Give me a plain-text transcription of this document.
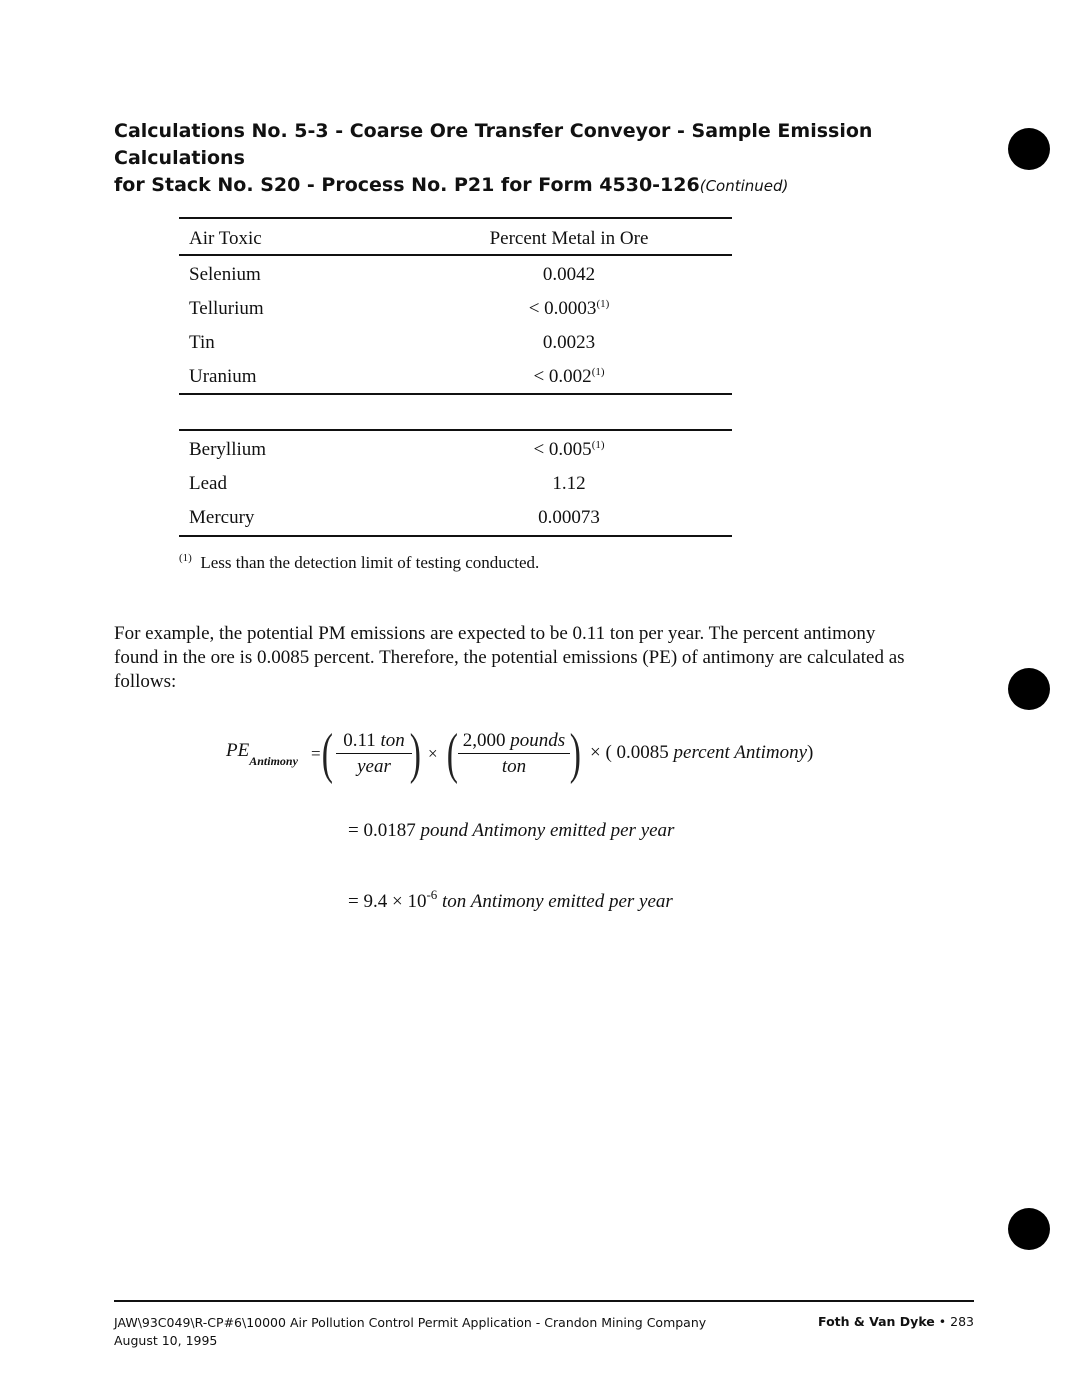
Calculations No. 5-3 - Coarse Ore Transfer Conveyor - Sample Emission Calculations
for Stack No. S20 - Process No. P21 for Form 4530-126(Continued)
Air Toxic	Percent Metal in Ore
Selenium	0.0042
Tellurium	< $0.0003^{(1)}$
Tin	0.0023
Uranium	< $0.002^{(1)}$
Beryllium	< $0.005^{(1)}$
Lead	1.12
Mercury	0.00073
$^{(1)}$ Less than the detection limit of testing conducted.
For example, the potential PM emissions are expected to be 0.11 ton per year. The percent antimony found in the ore is 0.0085 percent. Therefore, the potential emissions (PE) of antimony are calculated as follows:
$PE_{Antimony}$ = ( 0.11 ton
year ) × ( 2,000 pounds
ton ) × ( 0.0085 percent Antimony)
= 0.0187 pound Antimony emitted per year
= $9.4 \times 10^{-6}$ ton Antimony emitted per year
JAW\93C049\R-CP#6\10000 Air Pollution Control Permit Application - Crandon Mining Company
August 10, 1995
Foth & Van Dyke • 283
